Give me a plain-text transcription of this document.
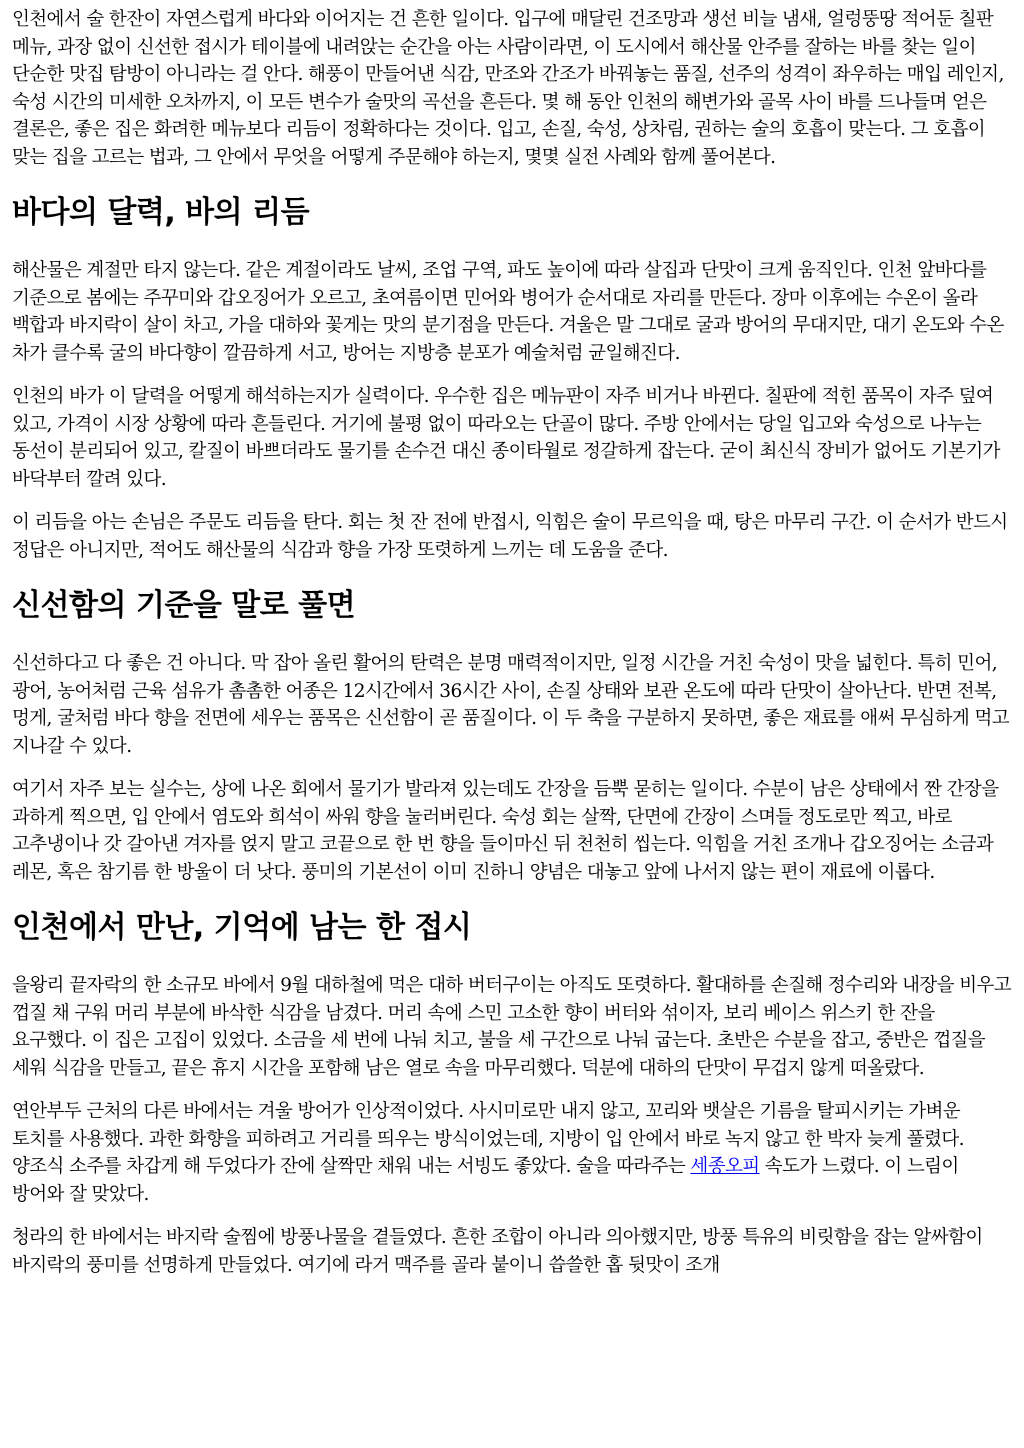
인천에서 술 한잔이 자연스럽게 바다와 이어지는 건 흔한 일이다. 입구에 매달린 건조망과 생선 비늘 냄새, 얼렁뚱땅 적어둔 칠판 메뉴, 과장 없이 신선한 접시가 테이블에 내려앉는 순간을 아는 사람이라면, 이 도시에서 해산물 안주를 잘하는 바를 찾는 일이 단순한 맛집 탐방이 아니라는 걸 안다. 해풍이 만들어낸 식감, 만조와 간조가 바꿔놓는 품질, 선주의 성격이 좌우하는 매입 레인지, 숙성 시간의 미세한 오차까지, 이 모든 변수가 술맛의 곡선을 흔든다. 몇 해 동안 인천의 해변가와 골목 사이 바를 드나들며 얻은 결론은, 좋은 집은 화려한 메뉴보다 리듬이 정확하다는 것이다. 입고, 손질, 숙성, 상차림, 권하는 술의 호흡이 맞는다. 그 호흡이 맞는 집을 고르는 법과, 그 안에서 무엇을 어떻게 주문해야 하는지, 몇몇 실전 사례와 함께 풀어본다.

바다의 달력, 바의 리듬

해산물은 계절만 타지 않는다. 같은 계절이라도 날씨, 조업 구역, 파도 높이에 따라 살집과 단맛이 크게 움직인다. 인천 앞바다를 기준으로 봄에는 주꾸미와 갑오징어가 오르고, 초여름이면 민어와 병어가 순서대로 자리를 만든다. 장마 이후에는 수온이 올라 백합과 바지락이 살이 차고, 가을 대하와 꽃게는 맛의 분기점을 만든다. 겨울은 말 그대로 굴과 방어의 무대지만, 대기 온도와 수온 차가 클수록 굴의 바다향이 깔끔하게 서고, 방어는 지방층 분포가 예술처럼 균일해진다.

인천의 바가 이 달력을 어떻게 해석하는지가 실력이다. 우수한 집은 메뉴판이 자주 비거나 바뀐다. 칠판에 적힌 품목이 자주 덮여 있고, 가격이 시장 상황에 따라 흔들린다. 거기에 불평 없이 따라오는 단골이 많다. 주방 안에서는 당일 입고와 숙성으로 나누는 동선이 분리되어 있고, 칼질이 바쁘더라도 물기를 손수건 대신 종이타월로 정갈하게 잡는다. 굳이 최신식 장비가 없어도 기본기가 바닥부터 깔려 있다.

이 리듬을 아는 손님은 주문도 리듬을 탄다. 회는 첫 잔 전에 반접시, 익힘은 술이 무르익을 때, 탕은 마무리 구간. 이 순서가 반드시 정답은 아니지만, 적어도 해산물의 식감과 향을 가장 또렷하게 느끼는 데 도움을 준다.

신선함의 기준을 말로 풀면

신선하다고 다 좋은 건 아니다. 막 잡아 올린 활어의 탄력은 분명 매력적이지만, 일정 시간을 거친 숙성이 맛을 넓힌다. 특히 민어, 광어, 농어처럼 근육 섬유가 촘촘한 어종은 12시간에서 36시간 사이, 손질 상태와 보관 온도에 따라 단맛이 살아난다. 반면 전복, 멍게, 굴처럼 바다 향을 전면에 세우는 품목은 신선함이 곧 품질이다. 이 두 축을 구분하지 못하면, 좋은 재료를 애써 무심하게 먹고 지나갈 수 있다.

여기서 자주 보는 실수는, 상에 나온 회에서 물기가 발라져 있는데도 간장을 듬뿍 묻히는 일이다. 수분이 남은 상태에서 짠 간장을 과하게 찍으면, 입 안에서 염도와 희석이 싸워 향을 눌러버린다. 숙성 회는 살짝, 단면에 간장이 스며들 정도로만 찍고, 바로 고추냉이나 갓 갈아낸 겨자를 얹지 말고 코끝으로 한 번 향을 들이마신 뒤 천천히 씹는다. 익힘을 거친 조개나 갑오징어는 소금과 레몬, 혹은 참기름 한 방울이 더 낫다. 풍미의 기본선이 이미 진하니 양념은 대놓고 앞에 나서지 않는 편이 재료에 이롭다.

인천에서 만난, 기억에 남는 한 접시

을왕리 끝자락의 한 소규모 바에서 9월 대하철에 먹은 대하 버터구이는 아직도 또렷하다. 활대하를 손질해 정수리와 내장을 비우고 껍질 채 구워 머리 부분에 바삭한 식감을 남겼다. 머리 속에 스민 고소한 향이 버터와 섞이자, 보리 베이스 위스키 한 잔을 요구했다. 이 집은 고집이 있었다. 소금을 세 번에 나눠 치고, 불을 세 구간으로 나눠 굽는다. 초반은 수분을 잡고, 중반은 껍질을 세워 식감을 만들고, 끝은 휴지 시간을 포함해 남은 열로 속을 마무리했다. 덕분에 대하의 단맛이 무겁지 않게 떠올랐다.

연안부두 근처의 다른 바에서는 겨울 방어가 인상적이었다. 사시미로만 내지 않고, 꼬리와 뱃살은 기름을 탈피시키는 가벼운 토치를 사용했다. 과한 화향을 피하려고 거리를 띄우는 방식이었는데, 지방이 입 안에서 바로 녹지 않고 한 박자 늦게 풀렸다. 양조식 소주를 차갑게 해 두었다가 잔에 살짝만 채워 내는 서빙도 좋았다. 술을 따라주는 세종오피 속도가 느렸다. 이 느림이 방어와 잘 맞았다.

청라의 한 바에서는 바지락 술찜에 방풍나물을 곁들였다. 흔한 조합이 아니라 의아했지만, 방풍 특유의 비릿함을 잡는 알싸함이 바지락의 풍미를 선명하게 만들었다. 여기에 라거 맥주를 골라 붙이니 씁쓸한 홉 뒷맛이 조개
